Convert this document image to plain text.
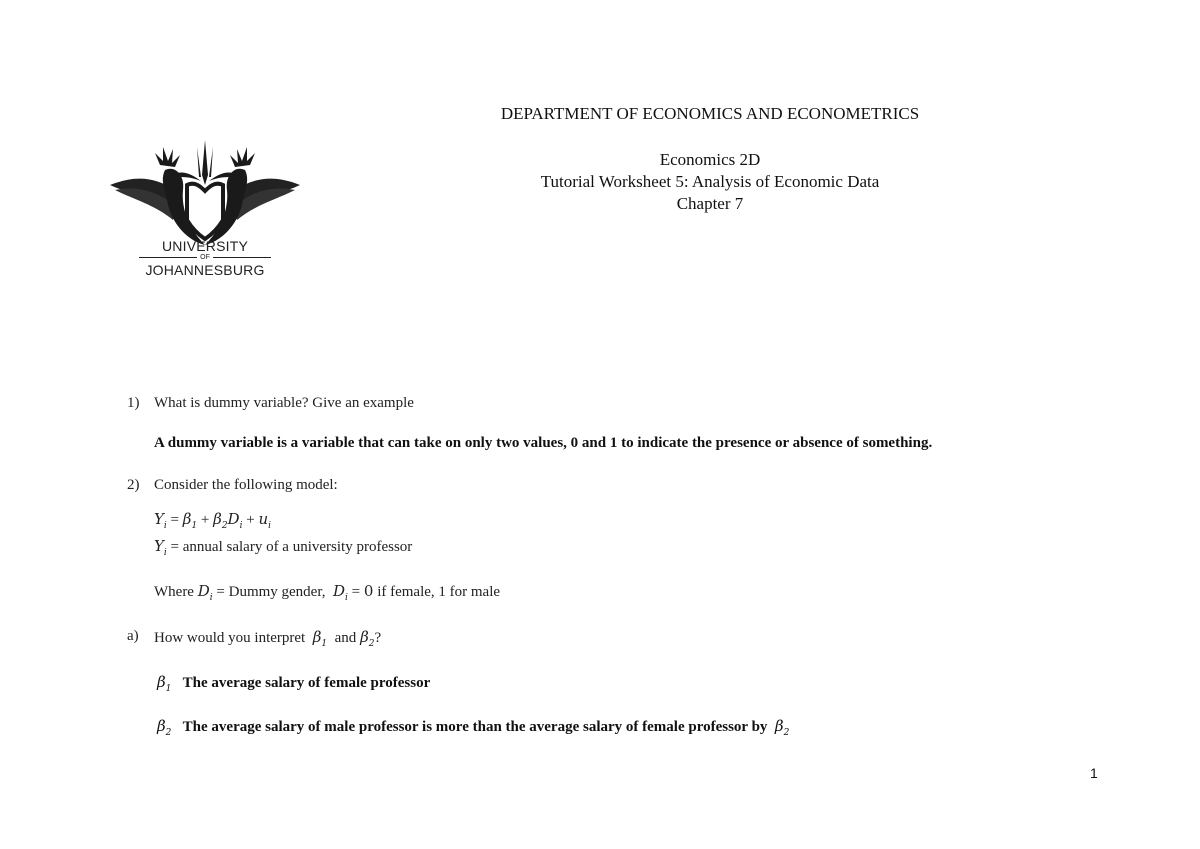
UNIVERSITY
OF
JOHANNESBURG
DEPARTMENT OF ECONOMICS AND ECONOMETRICS
Economics 2D
Tutorial Worksheet 5: Analysis of Economic Data
Chapter 7
1) What is dummy variable? Give an example
A dummy variable is a variable that can take on only two values, 0 and 1 to indicate the presence or absence of something.
2) Consider the following model:
$Y_i = \beta_1 + \beta_2D_i + u_i$
$Y_i$ = annual salary of a university professor
Where $D_i$ = Dummy gender, $D_i = 0$ if female, 1 for male
a) How would you interpret $\beta_1$ and $\beta_2$?
$\beta_1$ The average salary of female professor
$\beta_2$ The average salary of male professor is more than the average salary of female professor by $\beta_2$
1
